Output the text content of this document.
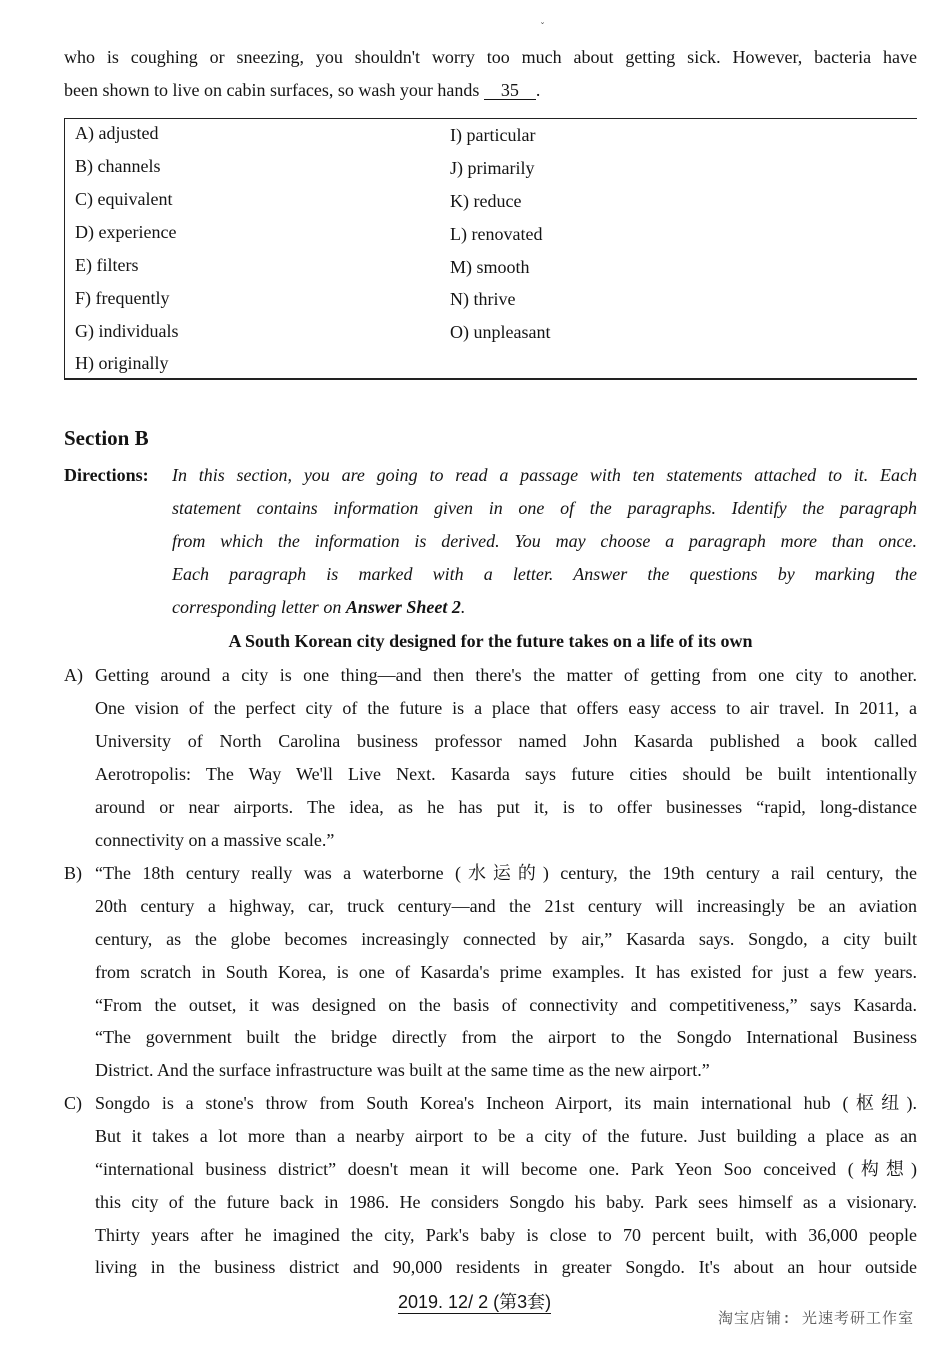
ˇ
who is coughing or sneezing, you shouldn't worry too much about getting sick. However, bacteria have
been shown to live on cabin surfaces, so wash your hands 35 .
A) adjusted
B) channels
C) equivalent
D) experience
E) filters
F) frequently
G) individuals
H) originally
I) particular
J) primarily
K) reduce
L) renovated
M) smooth
N) thrive
O) unpleasant
Section B
Directions: In this section, you are going to read a passage with ten statements attached to it. Each
statement contains information given in one of the paragraphs. Identify the paragraph
from which the information is derived. You may choose a paragraph more than once.
Each paragraph is marked with a letter. Answer the questions by marking the
corresponding letter on Answer Sheet 2.
A South Korean city designed for the future takes on a life of its own
A) Getting around a city is one thing—and then there's the matter of getting from one city to another.
One vision of the perfect city of the future is a place that offers easy access to air travel. In 2011, a
University of North Carolina business professor named John Kasarda published a book called
Aerotropolis: The Way We'll Live Next. Kasarda says future cities should be built intentionally
around or near airports. The idea, as he has put it, is to offer businesses “rapid, long-distance
connectivity on a massive scale.”
B) “The 18th century really was a waterborne (水运的) century, the 19th century a rail century, the
20th century a highway, car, truck century—and the 21st century will increasingly be an aviation
century, as the globe becomes increasingly connected by air,” Kasarda says. Songdo, a city built
from scratch in South Korea, is one of Kasarda's prime examples. It has existed for just a few years.
“From the outset, it was designed on the basis of connectivity and competitiveness,” says Kasarda.
“The government built the bridge directly from the airport to the Songdo International Business
District. And the surface infrastructure was built at the same time as the new airport.”
C) Songdo is a stone's throw from South Korea's Incheon Airport, its main international hub (枢纽).
But it takes a lot more than a nearby airport to be a city of the future. Just building a place as an
“international business district” doesn't mean it will become one. Park Yeon Soo conceived (构想)
this city of the future back in 1986. He considers Songdo his baby. Park sees himself as a visionary.
Thirty years after he imagined the city, Park's baby is close to 70 percent built, with 36,000 people
living in the business district and 90,000 residents in greater Songdo. It's about an hour outside
2019. 12/ 2 (第3套)
淘宝店铺: 光速考研工作室
